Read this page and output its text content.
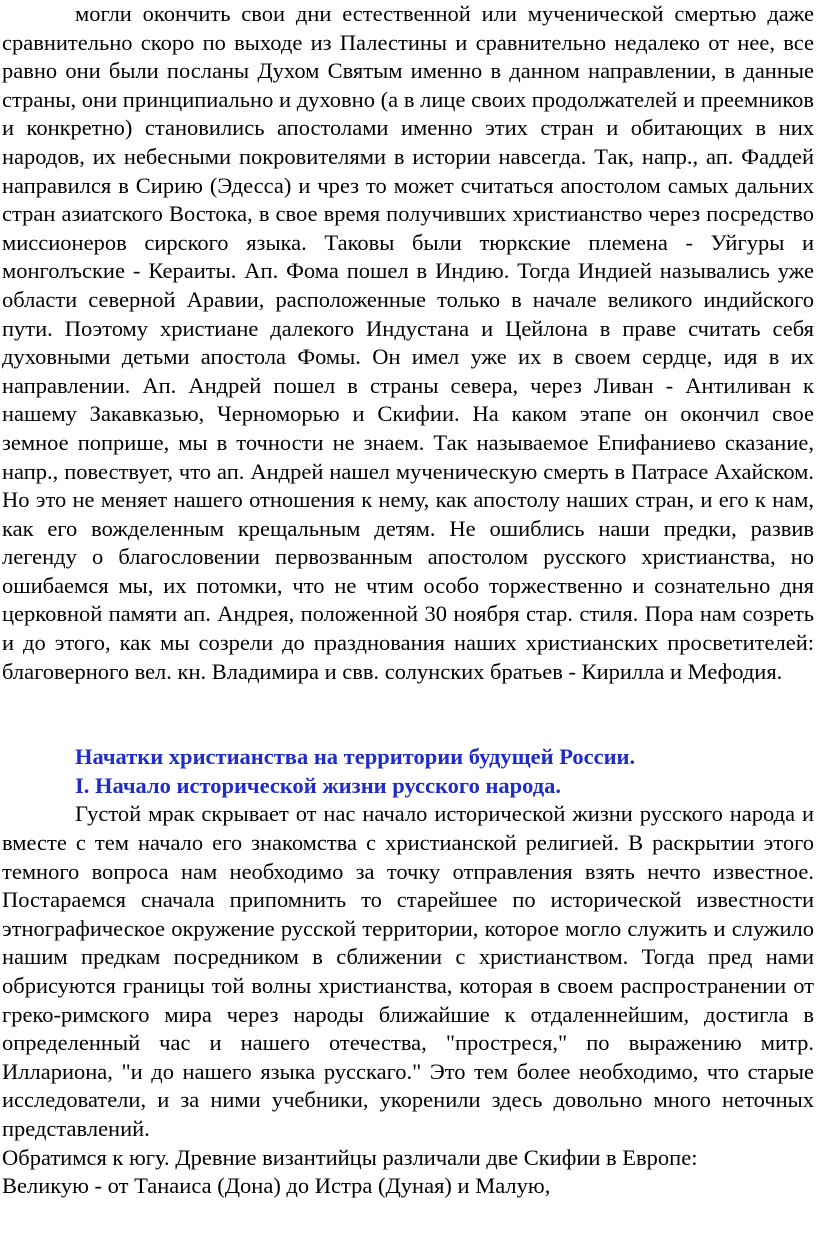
могли окончить свои дни естественной или мученической смертью даже сравнительно скоро по выходе из Палестины и сравнительно недалеко от нее, все равно они были посланы Духом Святым именно в данном направлении, в данные страны, они принципиально и духовно (а в лице своих продолжателей и преемников и конкретно) становились апостолами именно этих стран и обитающих в них народов, их небесными покровителями в истории навсегда. Так, напр., ап. Фаддей направился в Сирию (Эдесса) и чрез то может считаться апостолом самых дальних стран азиатского Востока, в свое время получивших христианство через посредство миссионеров сирского языка. Таковы были тюркские племена - Уйгуры и монголъские - Кераиты. Ап. Фома пошел в Индию. Тогда Индией назывались уже области северной Аравии, расположенные только в начале великого индийского пути. Поэтому христиане далекого Индустана и Цейлона в праве считать себя духовными детьми апостола Фомы. Он имел уже их в своем сердце, идя в их направлении. Ап. Андрей пошел в страны севера, через Ливан - Антиливан к нашему Закавказью, Черноморью и Скифии. На каком этапе он окончил свое земное поприше, мы в точности не знаем. Так называемое Епифаниево сказание, напр., повествует, что ап. Андрей нашел мученическую смерть в Патрасе Ахайском. Но это не меняет нашего отношения к нему, как апостолу наших стран, и его к нам, как его вожделенным крещальным детям. Не ошиблись наши предки, развив легенду о благословении первозванным апостолом русского христианства, но ошибаемся мы, их потомки, что не чтим особо торжественно и сознательно дня церковной памяти ап. Андрея, положенной 30 ноября стар. стиля. Пора нам созреть и до этого, как мы созрели до празднования наших христианских просветителей: благоверного вел. кн. Владимира и свв. солунских братьев - Кирилла и Мефодия.

Начатки христианства на территории будущей России.

I. Начало исторической жизни русского народа.

Густой мрак скрывает от нас начало исторической жизни русского народа и вместе с тем начало его знакомства с христианской религией. В раскрытии этого темного вопроса нам необходимо за точку отправления взять нечто известное. Постараемся сначала припомнить то старейшее по исторической известности этнографическое окружение русской территории, которое могло служить и служило нашим предкам посредником в сближении с христианством. Тогда пред нами обрисуются границы той волны христианства, которая в своем распространении от греко-римского мира через народы ближайшие к отдаленнейшим, достигла в определенный час и нашего отечества, "простреся," по выражению митр. Иллариона, "и до нашего языка русскаго." Это тем более необходимо, что старые исследователи, и за ними учебники, укоренили здесь довольно много неточных представлений.

Обратимся к югу. Древние византийцы различали две Скифии в Европе:

Великую - от Танаиса (Дона) до Истра (Дуная) и Малую,
